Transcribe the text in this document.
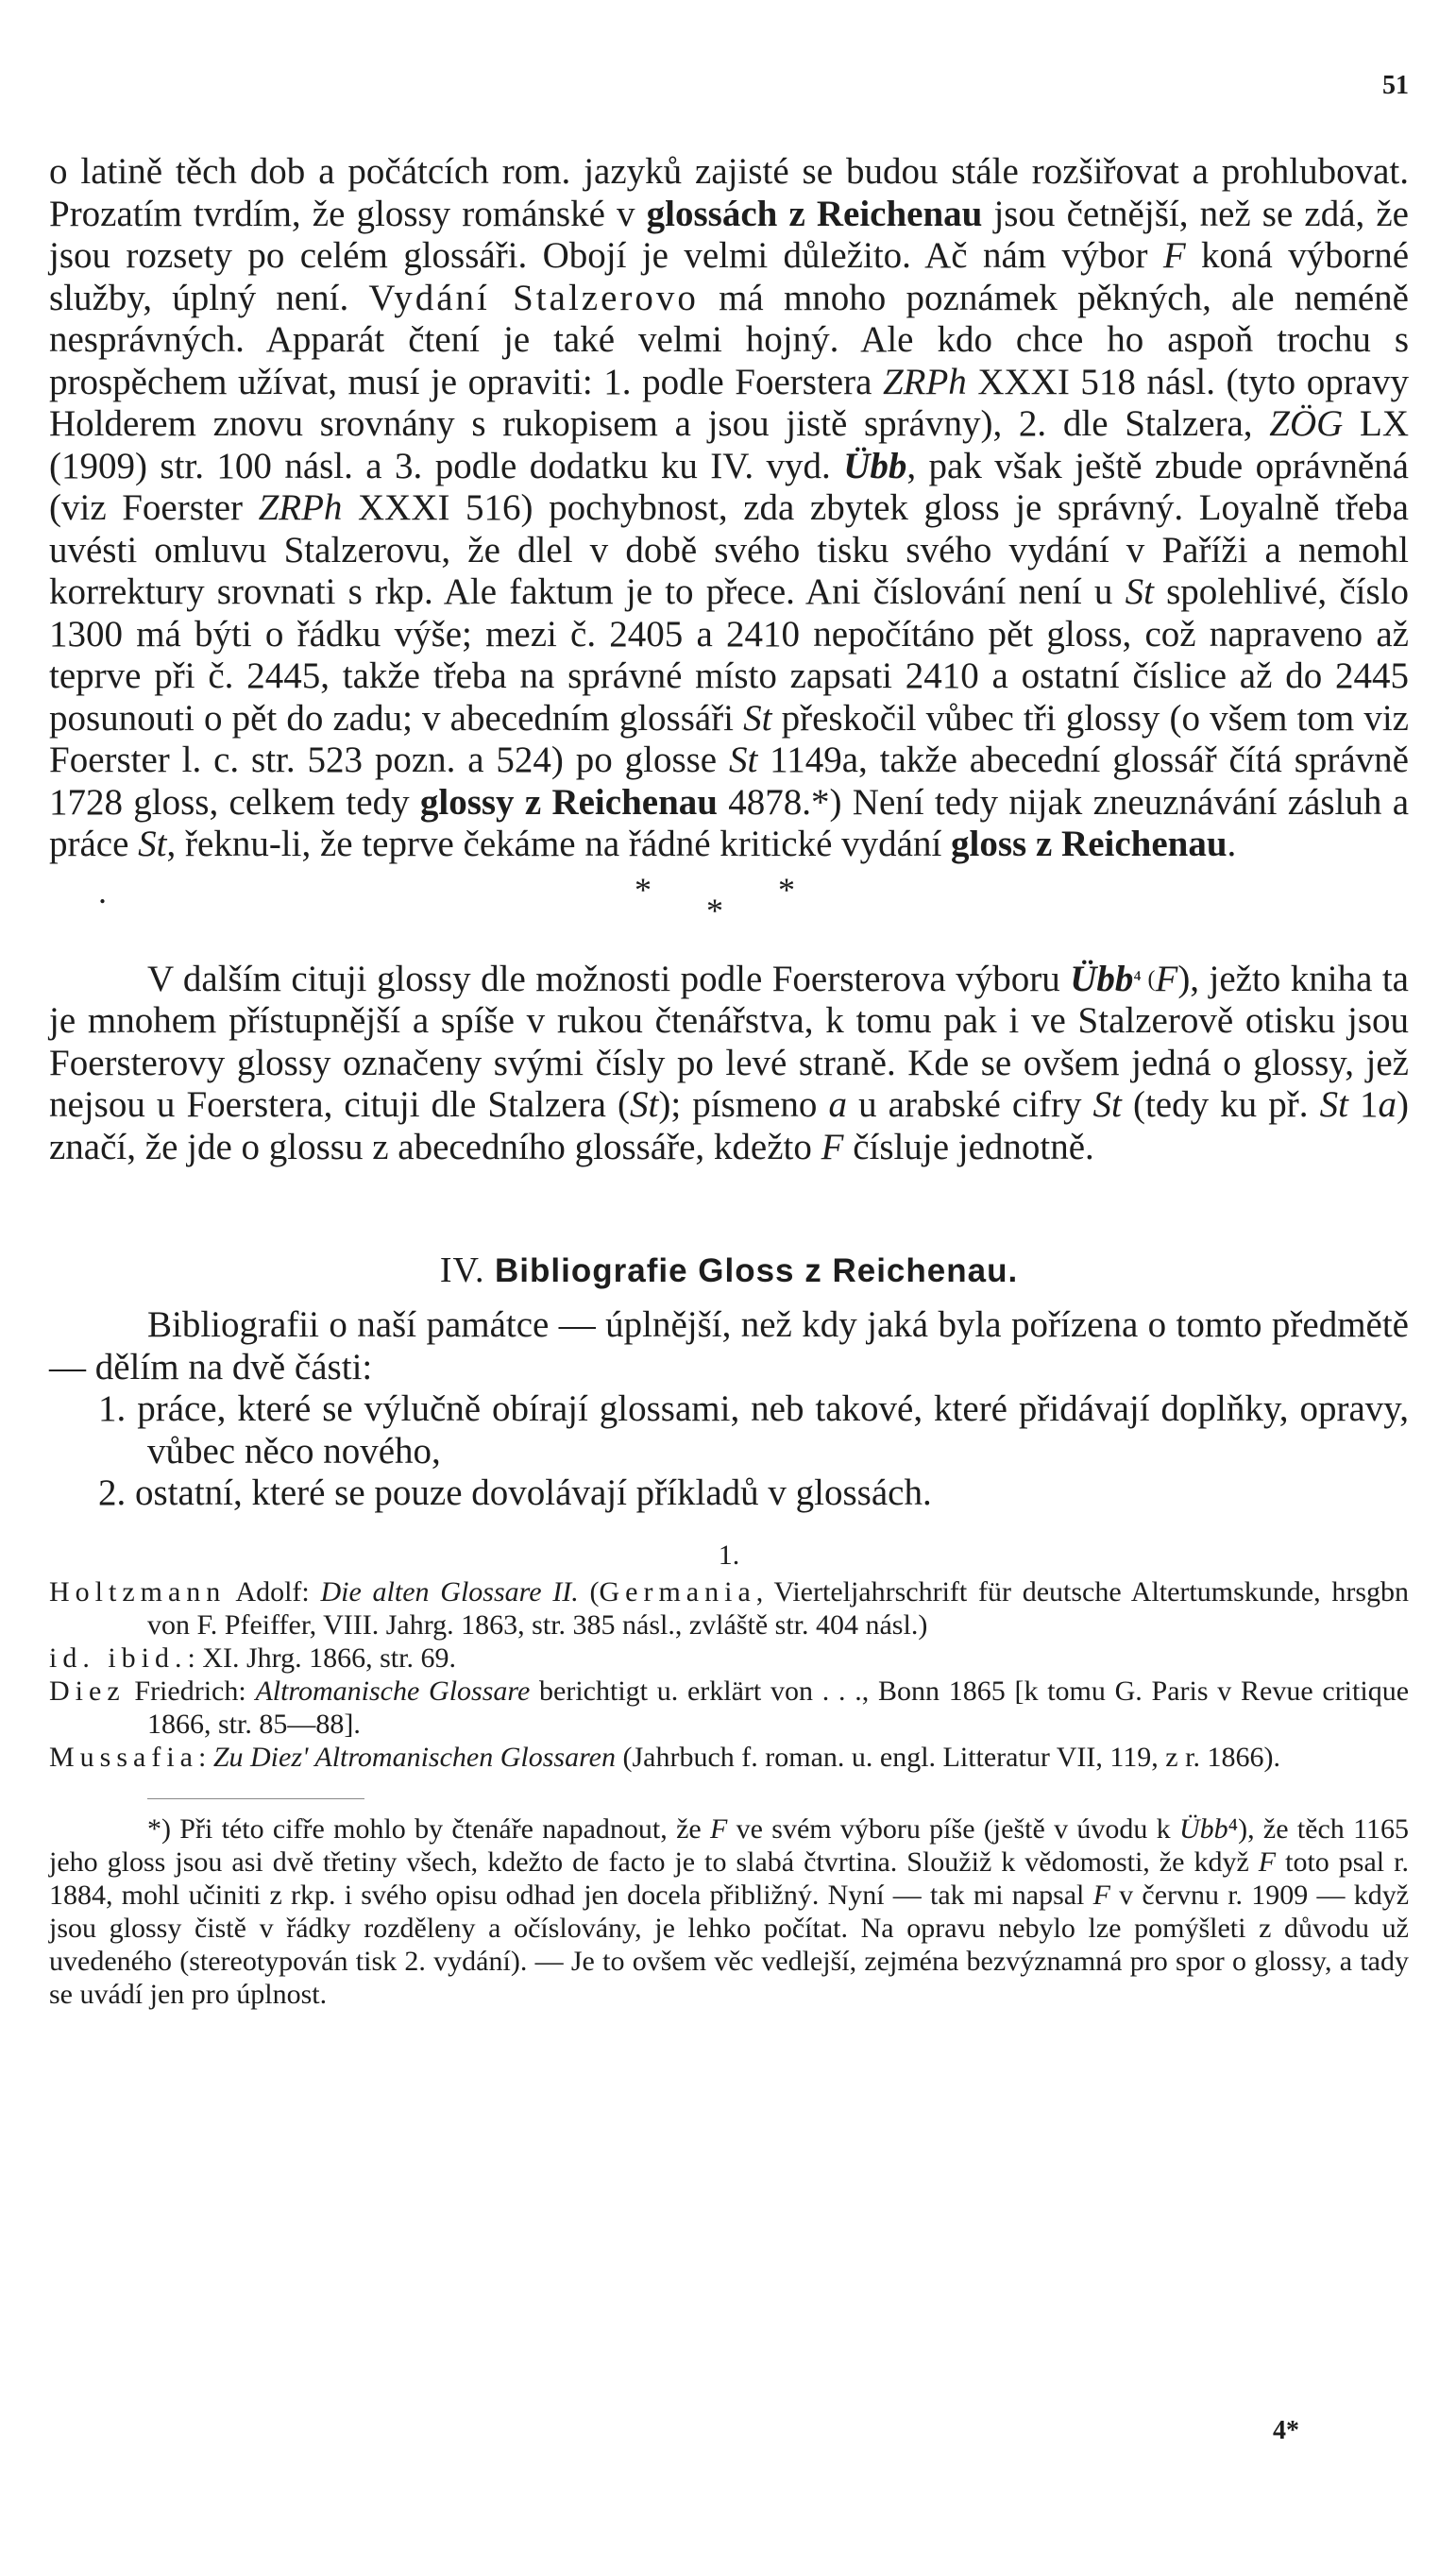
51

o latině těch dob a počátcích rom. jazyků zajisté se budou stále rozšiřovat a prohlubovat. Prozatím tvrdím, že glossy románské v glossách z Reichenau jsou četnější, než se zdá, že jsou rozsety po celém glossáři. Obojí je velmi důležito. Ač nám výbor F koná výborné služby, úplný není. Vydání Stalzerovo má mnoho poznámek pěkných, ale neméně nesprávných. Apparát čtení je také velmi hojný. Ale kdo chce ho aspoň trochu s prospěchem užívat, musí je opraviti: 1. podle Foerstera ZRPh XXXI 518 násl. (tyto opravy Holderem znovu srovnány s rukopisem a jsou jistě správny), 2. dle Stalzera, ZÖG LX (1909) str. 100 násl. a 3. podle dodatku ku IV. vyd. Übb, pak však ještě zbude oprávněná (viz Foerster ZRPh XXXI 516) pochybnost, zda zbytek gloss je správný. Loyalně třeba uvésti omluvu Stalzerovu, že dlel v době svého tisku svého vydání v Paříži a nemohl korrektury srovnati s rkp. Ale faktum je to přece. Ani číslování není u St spolehlivé, číslo 1300 má býti o řádku výše; mezi č. 2405 a 2410 nepočítáno pět gloss, což napraveno až teprve při č. 2445, takže třeba na správné místo zapsati 2410 a ostatní číslice až do 2445 posunouti o pět do zadu; v abecedním glossáři St přeskočil vůbec tři glossy (o všem tom viz Foerster l. c. str. 523 pozn. a 524) po glosse St 1149a, takže abecední glossář čítá správně 1728 gloss, celkem tedy glossy z Reichenau 4878.*) Není tedy nijak zneuznávání zásluh a práce St, řeknu-li, že teprve čekáme na řádné kritické vydání gloss z Reichenau.

.	*
*
*

V dalším cituji glossy dle možnosti podle Foersterova výboru Übb$^{^4 (}$F), ježto kniha ta je mnohem přístupnější a spíše v rukou čtenářstva, k tomu pak i ve Stalzerově otisku jsou Foersterovy glossy označeny svými čísly po levé straně. Kde se ovšem jedná o glossy, jež nejsou u Foerstera, cituji dle Stalzera (St); písmeno a u arabské cifry St (tedy ku př. St 1a) značí, že jde o glossu z abecedního glossáře, kdežto F čísluje jednotně.

IV. Bibliografie Gloss z Reichenau.

Bibliografii o naší památce — úplnější, než kdy jaká byla pořízena o tomto předmětě — dělím na dvě části:

1. práce, které se výlučně obírají glossami, neb takové, které přidávají doplňky, opravy, vůbec něco nového,
2. ostatní, které se pouze dovolávají příkladů v glossách.
1.

Holtzmann Adolf: Die alten Glossare II. (Germania, Vierteljahrschrift für deutsche Altertumskunde, hrsgbn von F. Pfeiffer, VIII. Jahrg. 1863, str. 385 násl., zvláště str. 404 násl.)

id. ibid.: XI. Jhrg. 1866, str. 69.

Diez Friedrich: Altromanische Glossare berichtigt u. erklärt von . . ., Bonn 1865 [k tomu G. Paris v Revue critique 1866, str. 85—88].

Mussafia: Zu Diez' Altromanischen Glossaren (Jahrbuch f. roman. u. engl. Litteratur VII, 119, z r. 1866).

*) Při této cifře mohlo by čtenáře napadnout, že F ve svém výboru píše (ještě v úvodu k Übb⁴), že těch 1165 jeho gloss jsou asi dvě třetiny všech, kdežto de facto je to slabá čtvrtina. Sloužiž k vědomosti, že když F toto psal r. 1884, mohl učiniti z rkp. i svého opisu odhad jen docela přibližný. Nyní — tak mi napsal F v červnu r. 1909 — když jsou glossy čistě v řádky rozděleny a očíslovány, je lehko počítat. Na opravu nebylo lze pomýšleti z důvodu už uvedeného (stereotypován tisk 2. vydání). — Je to ovšem věc vedlejší, zejména bezvýznamná pro spor o glossy, a tady se uvádí jen pro úplnost.

4*
